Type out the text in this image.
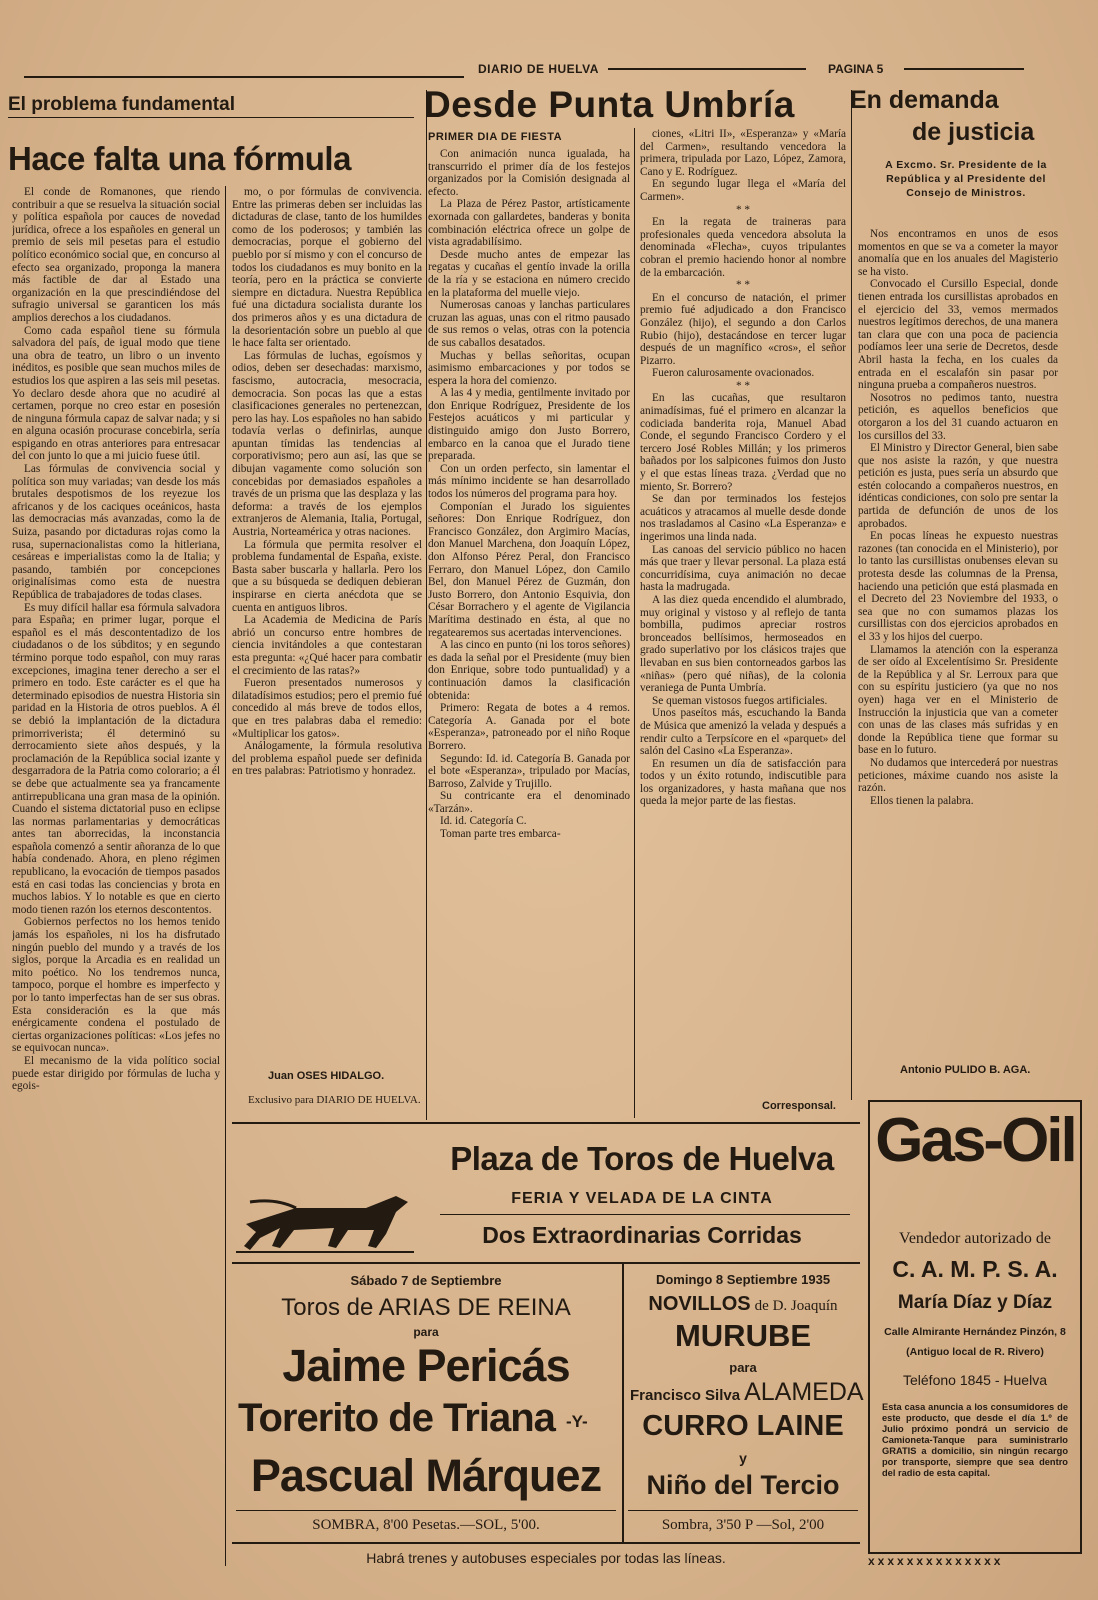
DIARIO DE HUELVA	PAGINA 5
El problema fundamental
Hace falta una fórmula

El conde de Romanones, que riendo contribuir a que se resuelva la situación social y política española por cauces de novedad jurídica, ofrece a los españoles en general un premio de seis mil pesetas para el estudio político económico social que, en concurso al efecto sea organizado, proponga la manera más factible de dar al Estado una organización en la que prescindiéndose del sufragio universal se garanticen los más amplios derechos a los ciudadanos.

Como cada español tiene su fórmula salvadora del país, de igual modo que tiene una obra de teatro, un libro o un invento inéditos, es posible que sean muchos miles de estudios los que aspiren a las seis mil pesetas. Yo declaro desde ahora que no acudiré al certamen, porque no creo estar en posesión de ninguna fórmula capaz de salvar nada; y si en alguna ocasión procurase concebirla, sería espigando en otras anteriores para entresacar del con junto lo que a mi juicio fuese útil.

Las fórmulas de convivencia social y política son muy variadas; van desde los más brutales despotismos de los reyezue los africanos y de los caciques oceánicos, hasta las democracias más avanzadas, como la de Suiza, pasando por dictaduras rojas como la rusa, supernacionalistas como la hitleriana, cesáreas e imperialistas como la de Italia; y pasando, también por concepciones originalísimas como esta de nuestra República de trabajadores de todas clases.

Es muy difícil hallar esa fórmula salvadora para España; en primer lugar, porque el español es el más descontentadizo de los ciudadanos o de los súbditos; y en segundo término porque todo español, con muy raras excepciones, imagina tener derecho a ser el primero en todo. Este carácter es el que ha determinado episodios de nuestra Historia sin paridad en la Historia de otros pueblos. A él se debió la implantación de la dictadura primorriverista; él determinó su derrocamiento siete años después, y la proclamación de la República social izante y desgarradora de la Patria como colorario; a él se debe que actualmente sea ya francamente antirrepublicana una gran masa de la opinión. Cuando el sistema dictatorial puso en eclipse las normas parlamentarias y democráticas antes tan aborrecidas, la inconstancia española comenzó a sentir añoranza de lo que había condenado. Ahora, en pleno régimen republicano, la evocación de tiempos pasados está en casi todas las conciencias y brota en muchos labios. Y lo notable es que en cierto modo tienen razón los eternos descontentos.

Gobiernos perfectos no los hemos tenido jamás los españoles, ni los ha disfrutado ningún pueblo del mundo y a través de los siglos, porque la Arcadia es en realidad un mito poético. No los tendremos nunca, tampoco, porque el hombre es imperfecto y por lo tanto imperfectas han de ser sus obras. Esta consideración es la que más enérgicamente condena el postulado de ciertas organizaciones políticas: «Los jefes no se equivocan nunca».

El mecanismo de la vida político social puede estar dirigido por fórmulas de lucha y egois-

mo, o por fórmulas de convivencia. Entre las primeras deben ser incluidas las dictaduras de clase, tanto de los humildes como de los poderosos; y también las democracias, porque el gobierno del pueblo por sí mismo y con el concurso de todos los ciudadanos es muy bonito en la teoría, pero en la práctica se convierte siempre en dictadura. Nuestra República fué una dictadura socialista durante los dos primeros años y es una dictadura de la desorientación sobre un pueblo al que le hace falta ser orientado.

Las fórmulas de luchas, egoísmos y odios, deben ser desechadas: marxismo, fascismo, autocracia, mesocracia, democracia. Son pocas las que a estas clasificaciones generales no pertenezcan, pero las hay. Los españoles no han sabido todavía verlas o definirlas, aunque apuntan tímidas las tendencias al corporativismo; pero aun así, las que se dibujan vagamente como solución son concebidas por demasiados españoles a través de un prisma que las desplaza y las deforma: a través de los ejemplos extranjeros de Alemania, Italia, Portugal, Austria, Norteamérica y otras naciones.

La fórmula que permita resolver el problema fundamental de España, existe. Basta saber buscarla y hallarla. Pero los que a su búsqueda se dediquen debieran inspirarse en cierta anécdota que se cuenta en antiguos libros.

La Academia de Medicina de París abrió un concurso entre hombres de ciencia invitándoles a que contestaran esta pregunta: «¿Qué hacer para combatir el crecimiento de las ratas?»

Fueron presentados numerosos y dilatadísimos estudios; pero el premio fué concedido al más breve de todos ellos, que en tres palabras daba el remedio: «Multiplicar los gatos».

Análogamente, la fórmula resolutiva del problema español puede ser definida en tres palabras: Patriotismo y honradez.

Juan OSES HIDALGO.
Exclusivo para DIARIO DE HUELVA.
Desde Punta Umbría
PRIMER DIA DE FIESTA

Con animación nunca igualada, ha transcurrido el primer día de los festejos organizados por la Comisión designada al efecto.

La Plaza de Pérez Pastor, artísticamente exornada con gallardetes, banderas y bonita combinación eléctrica ofrece un golpe de vista agradabilísimo.

Desde mucho antes de empezar las regatas y cucañas el gentío invade la orilla de la ría y se estaciona en número crecido en la plataforma del muelle viejo.

Numerosas canoas y lanchas particulares cruzan las aguas, unas con el ritmo pausado de sus remos o velas, otras con la potencia de sus caballos desatados.

Muchas y bellas señoritas, ocupan asimismo embarcaciones y por todos se espera la hora del comienzo.

A las 4 y media, gentilmente invitado por don Enrique Rodríguez, Presidente de los Festejos acuáticos y mi particular y distinguido amigo don Justo Borrero, embarco en la canoa que el Jurado tiene preparada.

Con un orden perfecto, sin lamentar el más mínimo incidente se han desarrollado todos los números del programa para hoy.

Componían el Jurado los siguientes señores: Don Enrique Rodríguez, don Francisco González, don Argimiro Macías, don Manuel Marchena, don Joaquín López, don Alfonso Pérez Peral, don Francisco Ferraro, don Manuel López, don Camilo Bel, don Manuel Pérez de Guzmán, don Justo Borrero, don Antonio Esquivia, don César Borrachero y el agente de Vigilancia Marítima destinado en ésta, al que no regatearemos sus acertadas intervenciones.

A las cinco en punto (ni los toros señores) es dada la señal por el Presidente (muy bien don Enrique, sobre todo puntualidad) y a continuación damos la clasificación obtenida:

Primero: Regata de botes a 4 remos. Categoría A. Ganada por el bote «Esperanza», patroneado por el niño Roque Borrero.

Segundo: Id. id. Categoría B. Ganada por el bote «Esperanza», tripulado por Macías, Barroso, Zalvide y Trujillo.

Su contricante era el denominado «Tarzán».

Id. id. Categoría C.

Toman parte tres embarca-

ciones, «Litri II», «Esperanza» y «María del Carmen», resultando vencedora la primera, tripulada por Lazo, López, Zamora, Cano y E. Rodríguez.

En segundo lugar llega el «María del Carmen».

* *

En la regata de traineras para profesionales queda vencedora absoluta la denominada «Flecha», cuyos tripulantes cobran el premio haciendo honor al nombre de la embarcación.

* *

En el concurso de natación, el primer premio fué adjudicado a don Francisco González (hijo), el segundo a don Carlos Rubio (hijo), destacándose en tercer lugar después de un magnífico «cros», el señor Pizarro.

Fueron calurosamente ovacionados.

* *

En las cucañas, que resultaron animadísimas, fué el primero en alcanzar la codiciada banderita roja, Manuel Abad Conde, el segundo Francisco Cordero y el tercero José Robles Millán; y los primeros bañados por los salpicones fuimos don Justo y el que estas líneas traza. ¿Verdad que no miento, Sr. Borrero?

Se dan por terminados los festejos acuáticos y atracamos al muelle desde donde nos trasladamos al Casino «La Esperanza» e ingerimos una linda nada.

Las canoas del servicio público no hacen más que traer y llevar personal. La plaza está concurridísima, cuya animación no decae hasta la madrugada.

A las diez queda encendido el alumbrado, muy original y vistoso y al reflejo de tanta bombilla, pudimos apreciar rostros bronceados bellísimos, hermoseados en grado superlativo por los clásicos trajes que llevaban en sus bien contorneados garbos las «niñas» (pero qué niñas), de la colonia veraniega de Punta Umbría.

Se queman vistosos fuegos artificiales.

Unos paseítos más, escuchando la Banda de Música que amenizó la velada y después a rendir culto a Terpsícore en el «parquet» del salón del Casino «La Esperanza».

En resumen un día de satisfacción para todos y un éxito rotundo, indiscutible para los organizadores, y hasta mañana que nos queda la mejor parte de las fiestas.

Corresponsal.
En demanda
de justicia
A Excmo. Sr. Presidente de la República y al Presidente del Consejo de Ministros.

Nos encontramos en unos de esos momentos en que se va a cometer la mayor anomalía que en los anuales del Magisterio se ha visto.

Convocado el Cursillo Especial, donde tienen entrada los cursillistas aprobados en el ejercicio del 33, vemos mermados nuestros legítimos derechos, de una manera tan clara que con una poca de paciencia podíamos leer una serie de Decretos, desde Abril hasta la fecha, en los cuales da entrada en el escalafón sin pasar por ninguna prueba a compañeros nuestros.

Nosotros no pedimos tanto, nuestra petición, es aquellos beneficios que otorgaron a los del 31 cuando actuaron en los cursillos del 33.

El Ministro y Director General, bien sabe que nos asiste la razón, y que nuestra petición es justa, pues sería un absurdo que estén colocando a compañeros nuestros, en idénticas condiciones, con solo pre sentar la partida de defunción de unos de los aprobados.

En pocas líneas he expuesto nuestras razones (tan conocida en el Ministerio), por lo tanto las cursillistas onubenses elevan su protesta desde las columnas de la Prensa, haciendo una petición que está plasmada en el Decreto del 23 Noviembre del 1933, o sea que no con sumamos plazas los cursillistas con dos ejercicios aprobados en el 33 y los hijos del cuerpo.

Llamamos la atención con la esperanza de ser oído al Excelentísimo Sr. Presidente de la República y al Sr. Lerroux para que con su espíritu justiciero (ya que no nos oyen) haga ver en el Ministerio de Instrucción la injusticia que van a cometer con unas de las clases más sufridas y en donde la República tiene que formar su base en lo futuro.

No dudamos que intercederá por nuestras peticiones, máxime cuando nos asiste la razón.

Ellos tienen la palabra.

Antonio PULIDO B. AGA.
Plaza de Toros de Huelva
FERIA Y VELADA DE LA CINTA
Dos Extraordinarias Corridas
Sábado 7 de Septiembre
Toros de ARIAS DE REINA
para
Jaime Pericás
Torerito de Triana -Y-
Pascual Márquez
SOMBRA, 8'00 Pesetas.—SOL, 5'00.
Domingo 8 Septiembre 1935
NOVILLOS de D. Joaquín
MURUBE
para
Francisco Silva ALAMEDA
CURRO LAINE
y
Niño del Tercio
Sombra, 3'50 P —Sol, 2'00
Habrá trenes y autobuses especiales por todas las líneas.
Gas-Oil
Vendedor autorizado de
C. A. M. P. S. A.
María Díaz y Díaz
Calle Almirante Hernández Pinzón, 8
(Antiguo local de R. Rivero)
Teléfono 1845 - Huelva
Esta casa anuncia a los consumidores de este producto, que desde el día 1.º de Julio próximo pondrá un servicio de Camioneta-Tanque para suministrarlo GRATIS a domicilio, sin ningún recargo por transporte, siempre que sea dentro del radio de esta capital.
xxxxxxxxxxxxxx
